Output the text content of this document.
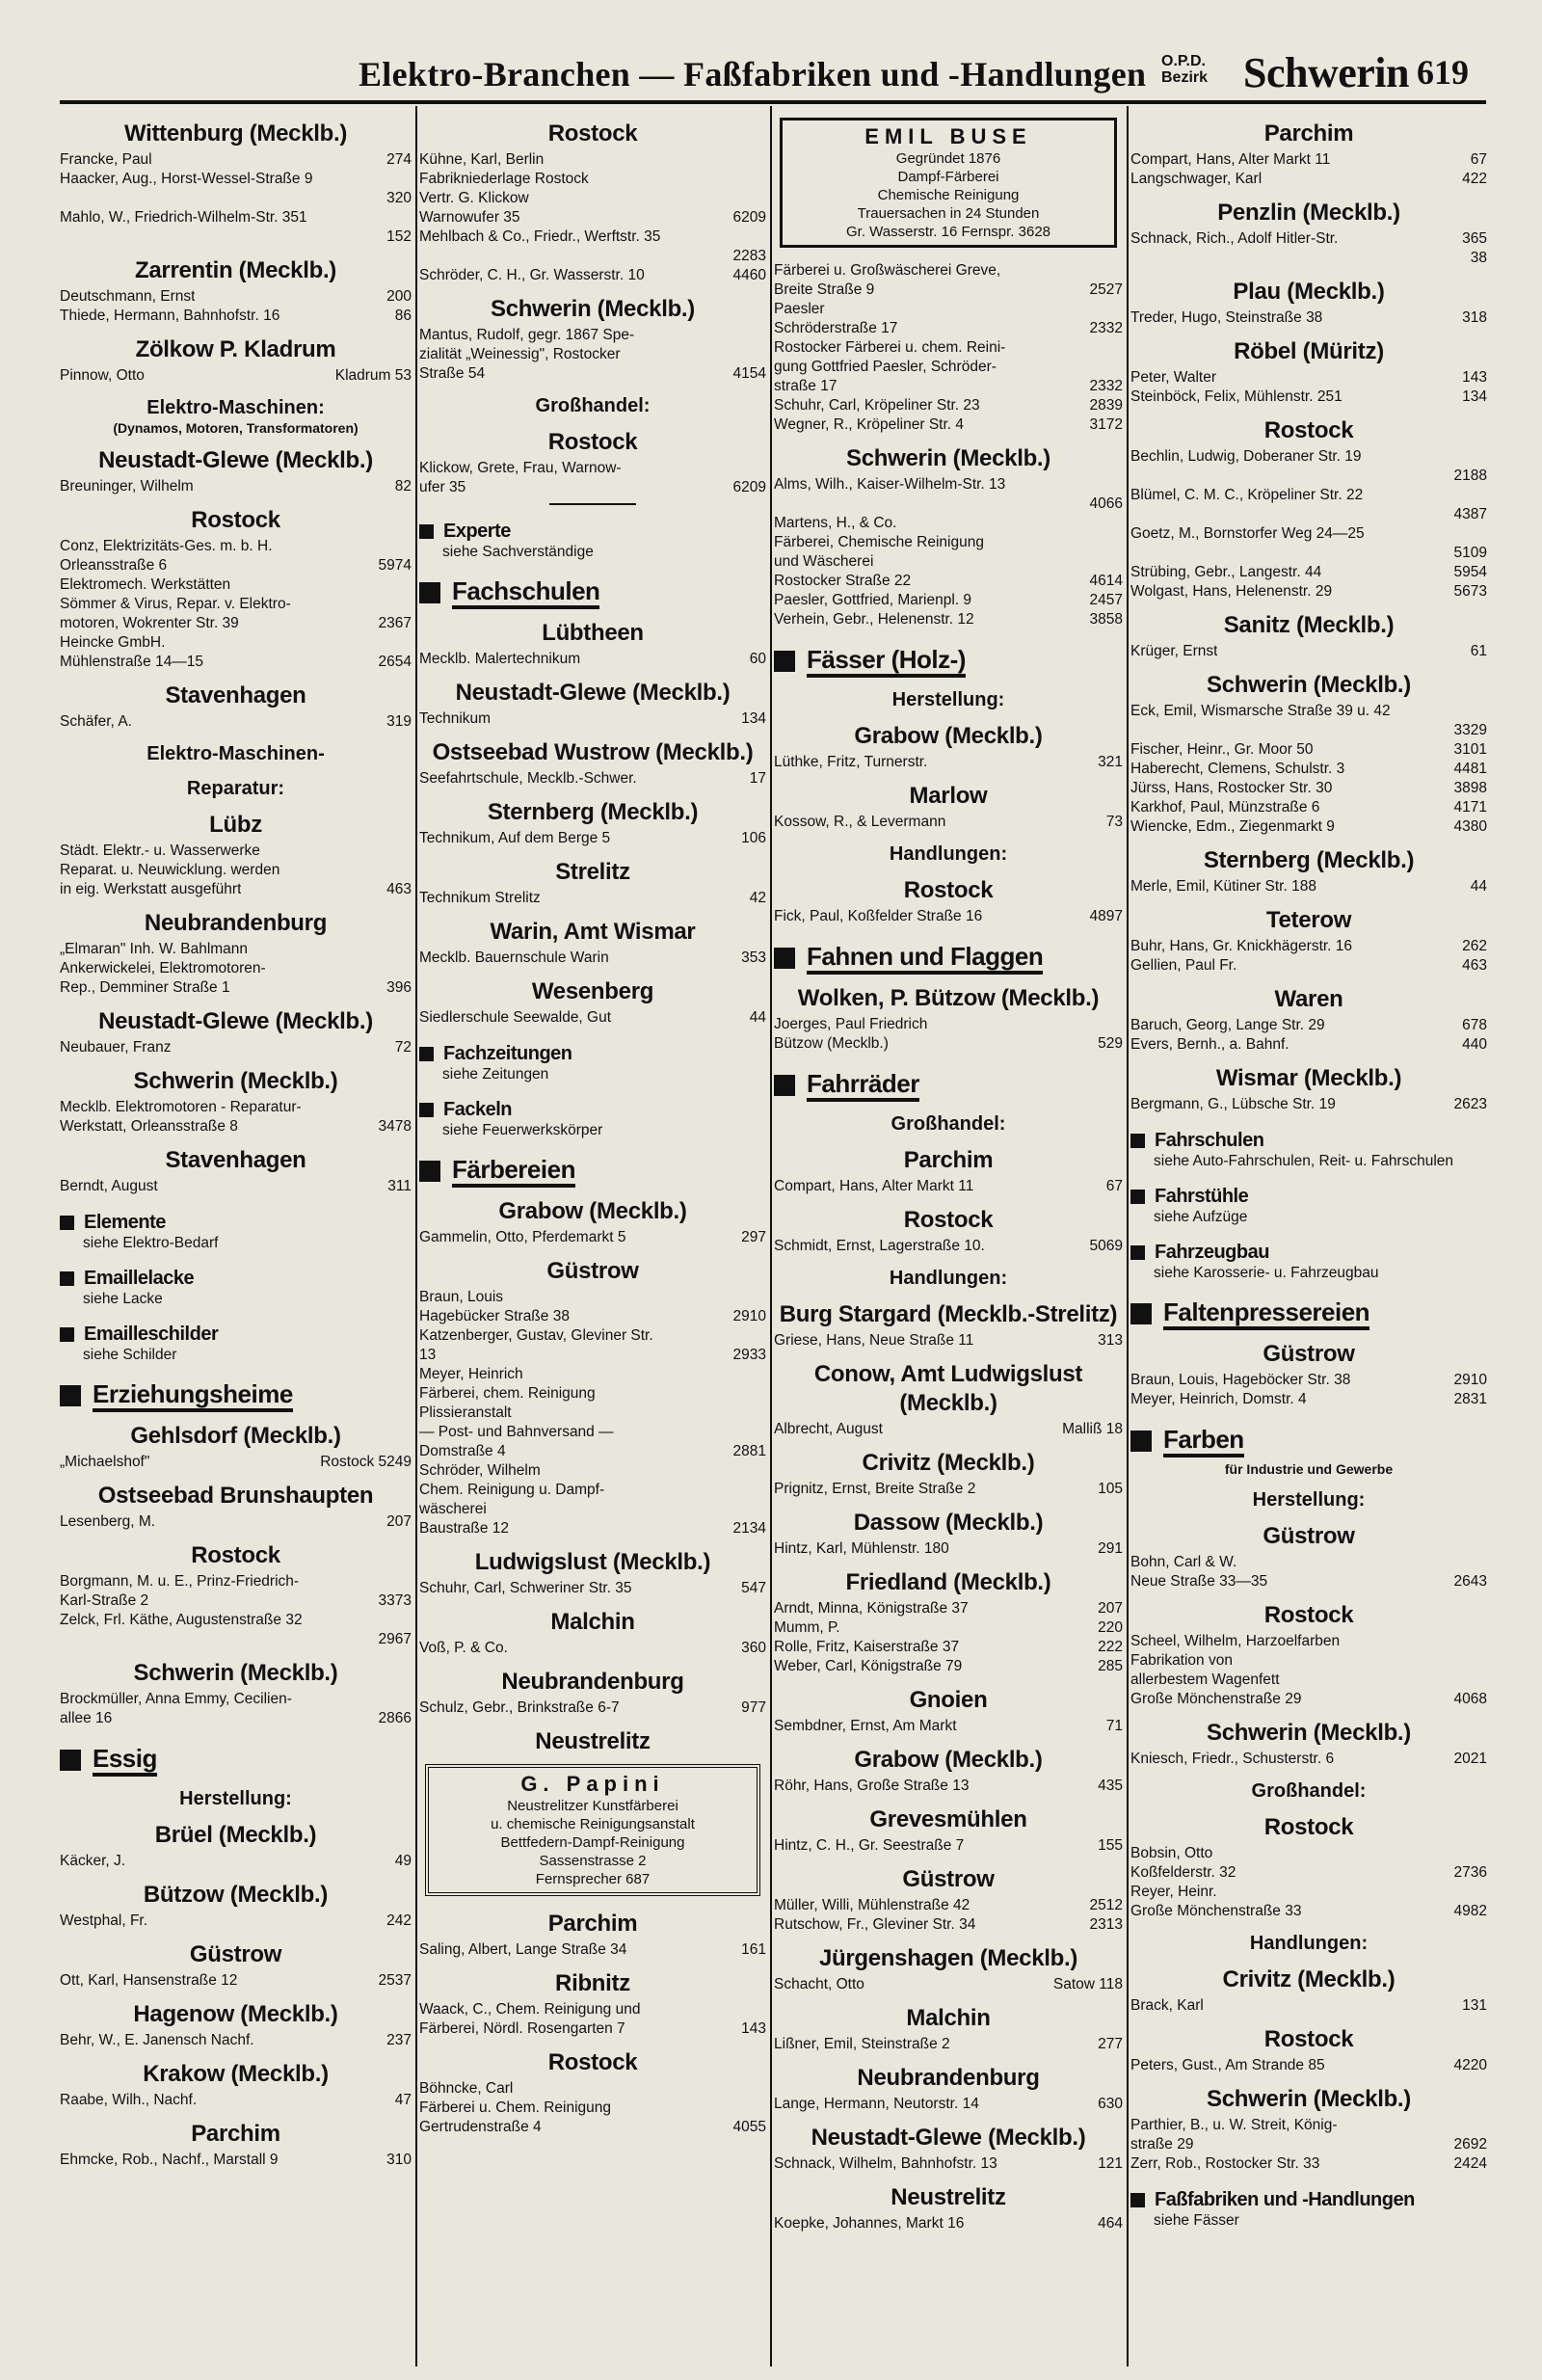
Elektro-Branchen — Faßfabriken und -Handlungen O.P.D.
Bezirk Schwerin 619
Wittenburg (Mecklb.)
Francke, Paul	274
Haacker, Aug., Horst-Wessel-Straße 9
320
Mahlo, W., Friedrich-Wilhelm-Str. 351
152
Zarrentin (Mecklb.)
Deutschmann, Ernst	200
Thiede, Hermann, Bahnhofstr. 16	86
Zölkow P. Kladrum
Pinnow, Otto	Kladrum 53
Elektro-Maschinen:
(Dynamos, Motoren, Transformatoren)
Neustadt-Glewe (Mecklb.)
Breuninger, Wilhelm	82
Rostock
Conz, Elektrizitäts-Ges. m. b. H.
Orleansstraße 6	5974
Elektromech. Werkstätten
Sömmer & Virus, Repar. v. Elektro-
motoren, Wokrenter Str. 39	2367
Heincke GmbH.
Mühlenstraße 14—15	2654
Stavenhagen
Schäfer, A.	319
Elektro-Maschinen-
Reparatur:
Lübz
Städt. Elektr.- u. Wasserwerke
Reparat. u. Neuwicklung. werden
in eig. Werkstatt ausgeführt	463
Neubrandenburg
„Elmaran" Inh. W. Bahlmann
Ankerwickelei, Elektromotoren-
Rep., Demminer Straße 1	396
Neustadt-Glewe (Mecklb.)
Neubauer, Franz	72
Schwerin (Mecklb.)
Mecklb. Elektromotoren - Reparatur-
Werkstatt, Orleansstraße 8	3478
Stavenhagen
Berndt, August	311
Elemente
siehe Elektro-Bedarf
Emaillelacke
siehe Lacke
Emailleschilder
siehe Schilder
Erziehungsheime
Gehlsdorf (Mecklb.)
„Michaelshof"	Rostock 5249
Ostseebad Brunshaupten
Lesenberg, M.	207
Rostock
Borgmann, M. u. E., Prinz-Friedrich-
Karl-Straße 2	3373
Zelck, Frl. Käthe, Augustenstraße 32
2967
Schwerin (Mecklb.)
Brockmüller, Anna Emmy, Cecilien-
allee 16	2866
Essig
Herstellung:
Brüel (Mecklb.)
Käcker, J.	49
Bützow (Mecklb.)
Westphal, Fr.	242
Güstrow
Ott, Karl, Hansenstraße 12	2537
Hagenow (Mecklb.)
Behr, W., E. Janensch Nachf.	237
Krakow (Mecklb.)
Raabe, Wilh., Nachf.	47
Parchim
Ehmcke, Rob., Nachf., Marstall 9	310
Rostock
Kühne, Karl, Berlin
Fabrikniederlage Rostock
Vertr. G. Klickow
Warnowufer 35	6209
Mehlbach & Co., Friedr., Werftstr. 35
2283
Schröder, C. H., Gr. Wasserstr. 10	4460
Schwerin (Mecklb.)
Mantus, Rudolf, gegr. 1867 Spe-
zialität „Weinessig", Rostocker
Straße 54	4154
Großhandel:
Rostock
Klickow, Grete, Frau, Warnow-
ufer 35	6209
Experte
siehe Sachverständige
Fachschulen
Lübtheen
Mecklb. Malertechnikum	60
Neustadt-Glewe (Mecklb.)
Technikum	134
Ostseebad Wustrow (Mecklb.)
Seefahrtschule, Mecklb.-Schwer.	17
Sternberg (Mecklb.)
Technikum, Auf dem Berge 5	106
Strelitz
Technikum Strelitz	42
Warin, Amt Wismar
Mecklb. Bauernschule Warin	353
Wesenberg
Siedlerschule Seewalde, Gut	44
Fachzeitungen
siehe Zeitungen
Fackeln
siehe Feuerwerkskörper
Färbereien
Grabow (Mecklb.)
Gammelin, Otto, Pferdemarkt 5	297
Güstrow
Braun, Louis
Hagebücker Straße 38	2910
Katzenberger, Gustav, Gleviner Str.
13	2933
Meyer, Heinrich
Färberei, chem. Reinigung
Plissieranstalt
— Post- und Bahnversand —
Domstraße 4	2881
Schröder, Wilhelm
Chem. Reinigung u. Dampf-
wäscherei
Baustraße 12	2134
Ludwigslust (Mecklb.)
Schuhr, Carl, Schweriner Str. 35	547
Malchin
Voß, P. & Co.	360
Neubrandenburg
Schulz, Gebr., Brinkstraße 6-7	977
Neustrelitz
G. Papini
Neustrelitzer Kunstfärberei
u. chemische Reinigungsanstalt
Bettfedern-Dampf-Reinigung
Sassenstrasse 2
Fernsprecher 687
Parchim
Saling, Albert, Lange Straße 34	161
Ribnitz
Waack, C., Chem. Reinigung und
Färberei, Nördl. Rosengarten 7	143
Rostock
Böhncke, Carl
Färberei u. Chem. Reinigung
Gertrudenstraße 4	4055
EMIL BUSE
Gegründet 1876
Dampf-Färberei
Chemische Reinigung
Trauersachen in 24 Stunden
Gr. Wasserstr. 16 Fernspr. 3628
Färberei u. Großwäscherei Greve,
Breite Straße 9	2527
Paesler
Schröderstraße 17	2332
Rostocker Färberei u. chem. Reini-
gung Gottfried Paesler, Schröder-
straße 17	2332
Schuhr, Carl, Kröpeliner Str. 23	2839
Wegner, R., Kröpeliner Str. 4	3172
Schwerin (Mecklb.)
Alms, Wilh., Kaiser-Wilhelm-Str. 13
4066
Martens, H., & Co.
Färberei, Chemische Reinigung
und Wäscherei
Rostocker Straße 22	4614
Paesler, Gottfried, Marienpl. 9	2457
Verhein, Gebr., Helenenstr. 12	3858
Fässer (Holz-)
Herstellung:
Grabow (Mecklb.)
Lüthke, Fritz, Turnerstr.	321
Marlow
Kossow, R., & Levermann	73
Handlungen:
Rostock
Fick, Paul, Koßfelder Straße 16	4897
Fahnen und Flaggen
Wolken, P. Bützow (Mecklb.)
Joerges, Paul Friedrich
Bützow (Mecklb.)	529
Fahrräder
Großhandel:
Parchim
Compart, Hans, Alter Markt 11	67
Rostock
Schmidt, Ernst, Lagerstraße 10.	5069
Handlungen:
Burg Stargard (Mecklb.-Strelitz)
Griese, Hans, Neue Straße 11	313
Conow, Amt Ludwigslust (Mecklb.)
Albrecht, August	Malliß 18
Crivitz (Mecklb.)
Prignitz, Ernst, Breite Straße 2	105
Dassow (Mecklb.)
Hintz, Karl, Mühlenstr. 180	291
Friedland (Mecklb.)
Arndt, Minna, Königstraße 37	207
Mumm, P.	220
Rolle, Fritz, Kaiserstraße 37	222
Weber, Carl, Königstraße 79	285
Gnoien
Sembdner, Ernst, Am Markt	71
Grabow (Mecklb.)
Röhr, Hans, Große Straße 13	435
Grevesmühlen
Hintz, C. H., Gr. Seestraße 7	155
Güstrow
Müller, Willi, Mühlenstraße 42	2512
Rutschow, Fr., Gleviner Str. 34	2313
Jürgenshagen (Mecklb.)
Schacht, Otto	Satow 118
Malchin
Lißner, Emil, Steinstraße 2	277
Neubrandenburg
Lange, Hermann, Neutorstr. 14	630
Neustadt-Glewe (Mecklb.)
Schnack, Wilhelm, Bahnhofstr. 13	121
Neustrelitz
Koepke, Johannes, Markt 16	464
Parchim
Compart, Hans, Alter Markt 11	67
Langschwager, Karl	422
Penzlin (Mecklb.)
Schnack, Rich., Adolf Hitler-Str.	365
38
Plau (Mecklb.)
Treder, Hugo, Steinstraße 38	318
Röbel (Müritz)
Peter, Walter	143
Steinböck, Felix, Mühlenstr. 251	134
Rostock
Bechlin, Ludwig, Doberaner Str. 19
2188
Blümel, C. M. C., Kröpeliner Str. 22
4387
Goetz, M., Bornstorfer Weg 24—25
5109
Strübing, Gebr., Langestr. 44	5954
Wolgast, Hans, Helenenstr. 29	5673
Sanitz (Mecklb.)
Krüger, Ernst	61
Schwerin (Mecklb.)
Eck, Emil, Wismarsche Straße 39 u. 42
3329
Fischer, Heinr., Gr. Moor 50	3101
Haberecht, Clemens, Schulstr. 3	4481
Jürss, Hans, Rostocker Str. 30	3898
Karkhof, Paul, Münzstraße 6	4171
Wiencke, Edm., Ziegenmarkt 9	4380
Sternberg (Mecklb.)
Merle, Emil, Kütiner Str. 188	44
Teterow
Buhr, Hans, Gr. Knickhägerstr. 16	262
Gellien, Paul Fr.	463
Waren
Baruch, Georg, Lange Str. 29	678
Evers, Bernh., a. Bahnf.	440
Wismar (Mecklb.)
Bergmann, G., Lübsche Str. 19	2623
Fahrschulen
siehe Auto-Fahrschulen, Reit- u. Fahrschulen
Fahrstühle
siehe Aufzüge
Fahrzeugbau
siehe Karosserie- u. Fahrzeugbau
Faltenpressereien
Güstrow
Braun, Louis, Hageböcker Str. 38	2910
Meyer, Heinrich, Domstr. 4	2831
Farben
für Industrie und Gewerbe
Herstellung:
Güstrow
Bohn, Carl & W.
Neue Straße 33—35	2643
Rostock
Scheel, Wilhelm, Harzoelfarben
Fabrikation von
allerbestem Wagenfett
Große Mönchenstraße 29	4068
Schwerin (Mecklb.)
Kniesch, Friedr., Schusterstr. 6	2021
Großhandel:
Rostock
Bobsin, Otto
Koßfelderstr. 32	2736
Reyer, Heinr.
Große Mönchenstraße 33	4982
Handlungen:
Crivitz (Mecklb.)
Brack, Karl	131
Rostock
Peters, Gust., Am Strande 85	4220
Schwerin (Mecklb.)
Parthier, B., u. W. Streit, König-
straße 29	2692
Zerr, Rob., Rostocker Str. 33	2424
Faßfabriken und -Handlungen
siehe Fässer
